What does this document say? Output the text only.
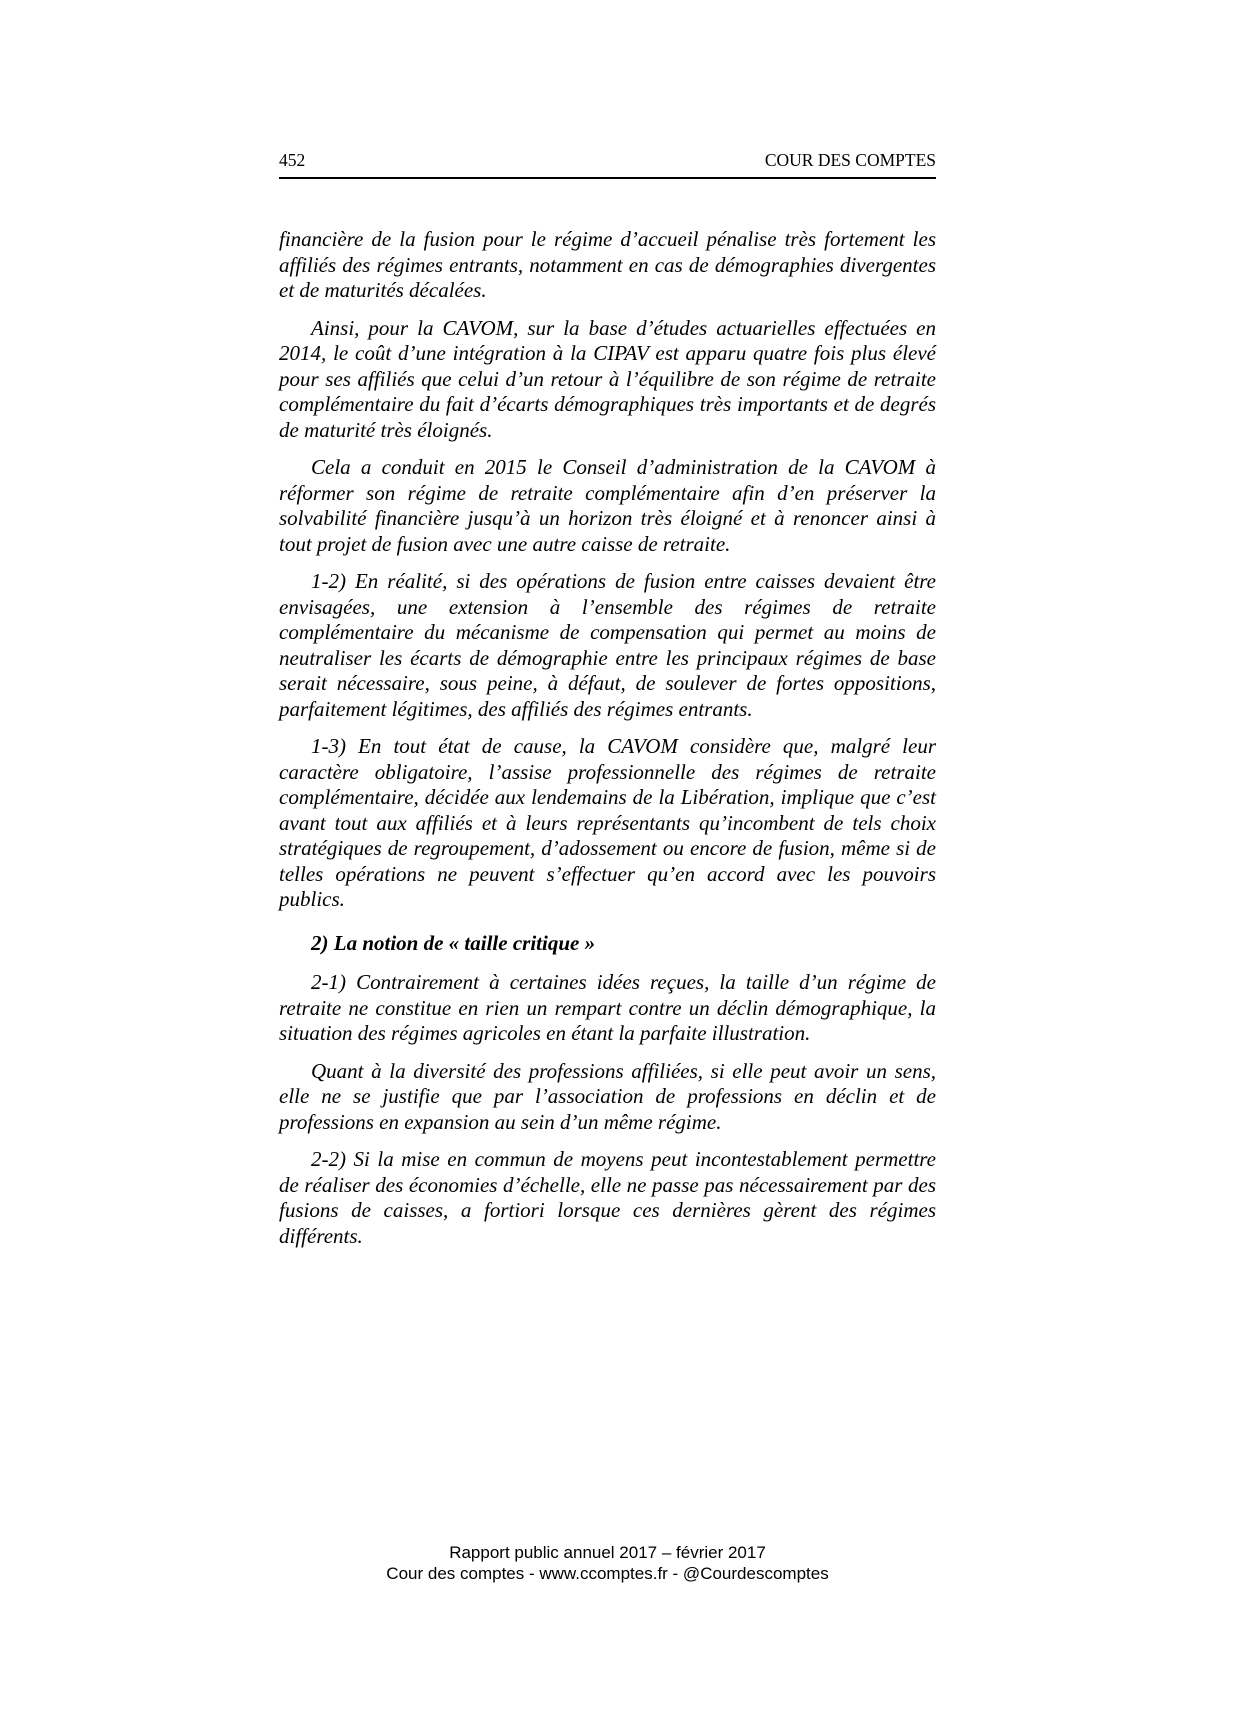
452	COUR DES COMPTES

financière de la fusion pour le régime d’accueil pénalise très fortement les affiliés des régimes entrants, notamment en cas de démographies divergentes et de maturités décalées.

Ainsi, pour la CAVOM, sur la base d’études actuarielles effectuées en 2014, le coût d’une intégration à la CIPAV est apparu quatre fois plus élevé pour ses affiliés que celui d’un retour à l’équilibre de son régime de retraite complémentaire du fait d’écarts démographiques très importants et de degrés de maturité très éloignés.

Cela a conduit en 2015 le Conseil d’administration de la CAVOM à réformer son régime de retraite complémentaire afin d’en préserver la solvabilité financière jusqu’à un horizon très éloigné et à renoncer ainsi à tout projet de fusion avec une autre caisse de retraite.

1-2) En réalité, si des opérations de fusion entre caisses devaient être envisagées, une extension à l’ensemble des régimes de retraite complémentaire du mécanisme de compensation qui permet au moins de neutraliser les écarts de démographie entre les principaux régimes de base serait nécessaire, sous peine, à défaut, de soulever de fortes oppositions, parfaitement légitimes, des affiliés des régimes entrants.

1-3) En tout état de cause, la CAVOM considère que, malgré leur caractère obligatoire, l’assise professionnelle des régimes de retraite complémentaire, décidée aux lendemains de la Libération, implique que c’est avant tout aux affiliés et à leurs représentants qu’incombent de tels choix stratégiques de regroupement, d’adossement ou encore de fusion, même si de telles opérations ne peuvent s’effectuer qu’en accord avec les pouvoirs publics.

2) La notion de « taille critique »

2-1) Contrairement à certaines idées reçues, la taille d’un régime de retraite ne constitue en rien un rempart contre un déclin démographique, la situation des régimes agricoles en étant la parfaite illustration.

Quant à la diversité des professions affiliées, si elle peut avoir un sens, elle ne se justifie que par l’association de professions en déclin et de professions en expansion au sein d’un même régime.

2-2) Si la mise en commun de moyens peut incontestablement permettre de réaliser des économies d’échelle, elle ne passe pas nécessairement par des fusions de caisses, a fortiori lorsque ces dernières gèrent des régimes différents.

Rapport public annuel 2017 – février 2017
Cour des comptes - www.ccomptes.fr - @Courdescomptes
